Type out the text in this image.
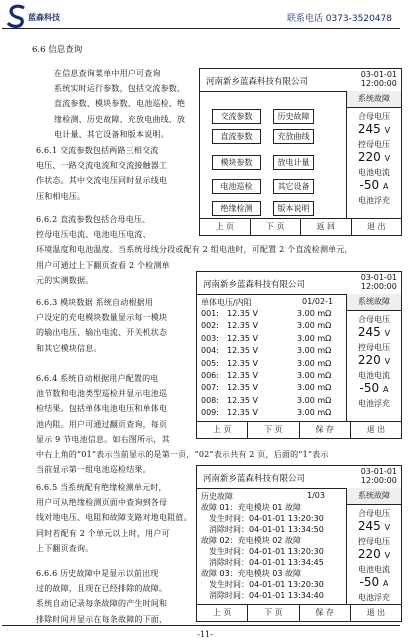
蓝森科技	联系电话 0373-3520478
6.6 信息查询
在信息查询菜单中用户可查询
系统实时运行参数，包括交流参数、
直流参数、模块参数、电池巡检、绝
缘检测、历史故障、充放电曲线、放
电计量、其它设备和版本说明。
6.6.1 交流参数包括两路三相交流
电压、一路交流电流和交流接触器工
作状态。其中交流电压同时显示线电
压和相电压。
6.6.2 直流参数包括合母电压、
控母电压电流、电池电压电流、
环境温度和电池温度。当系统母线分段或配有 2 组电池时，可配置 2 个直流检测单元，
用户可通过上下翻页查看 2 个检测单
元的实测数据。
6.6.3 模块数据 系统自动根据用
户设定的充电模块数量显示每一模块
的输出电压、输出电流、开关机状态
和其它模块信息。
6.6.4 系统自动根据用户配置的电
池节数和电池类型巡检并显示电池巡
检结果。包括单体电池电压和单体电
池内阻。用户可通过翻页查询，每页
显示 9 节电池信息。如右图所示，其
中右上角的“01”表示当前显示的是第一页，“02”表示共有 2 页，后面的“1”表示
当前显示第一组电池巡检结果。
6.6.5 当系统配有绝缘检测单元时，
用户可从绝缘检测页面中查询到各母
线对地电压、电阻和故障支路对地电阻值。
同时若配有 2 个单元以上时，用户可
上下翻页查询。
6.6.6 历史故障中是显示以前出现
过的故障，且现在已经排除的故障。
系统自动记录每条故障的产生时间和
排除时间并显示在每条故障的下面，
河南新乡蓝森科技有限公司
03-01-01
12:00:00
交流参数	历史故障
直流参数	充放曲线
模块参数	放电计量
电池巡检	其它设备
绝缘检测	版本说明
系统故障
合母电压
245 V
控母电压
220 V
电池电流
-50 A
电池浮充
上 页	下 页	返 回	退 出
河南新乡蓝森科技有限公司
03-01-01
12:00:00
单体电压/内阻	01/02-1
001: 12.35 V	3.00 mΩ
002: 12.35 V	3.00 mΩ
003: 12.35 V	3.00 mΩ
004: 12.35 V	3.00 mΩ
005: 12.35 V	3.00 mΩ
006: 12.35 V	3.00 mΩ
007: 12.35 V	3.00 mΩ
008: 12.35 V	3.00 mΩ
009: 12.35 V	3.00 mΩ
系统故障
合母电压
245 V
控母电压
220 V
电池电流
-50 A
电池浮充
上 页	下 页	保 存	退 出
河南新乡蓝森科技有限公司
03-01-01
12:00:00
历史故障	1/03
故障 01：充电模块 01 故障
发生时间：04-01-01 13:20:30
消除时间：04-01-01 13:34:50
故障 02：充电模块 02 故障
发生时间：04-01-01 13:20:30
消除时间：04-01-01 13:34:45
故障 03：充电模块 03 故障
发生时间：04-01-01 13:20:30
消除时间：04-01-01 13:34:40
系统故障
合母电压
245 V
控母电压
220 V
电池电流
-50 A
电池浮充
上 页	下 页	保 存	退 出
-11-
